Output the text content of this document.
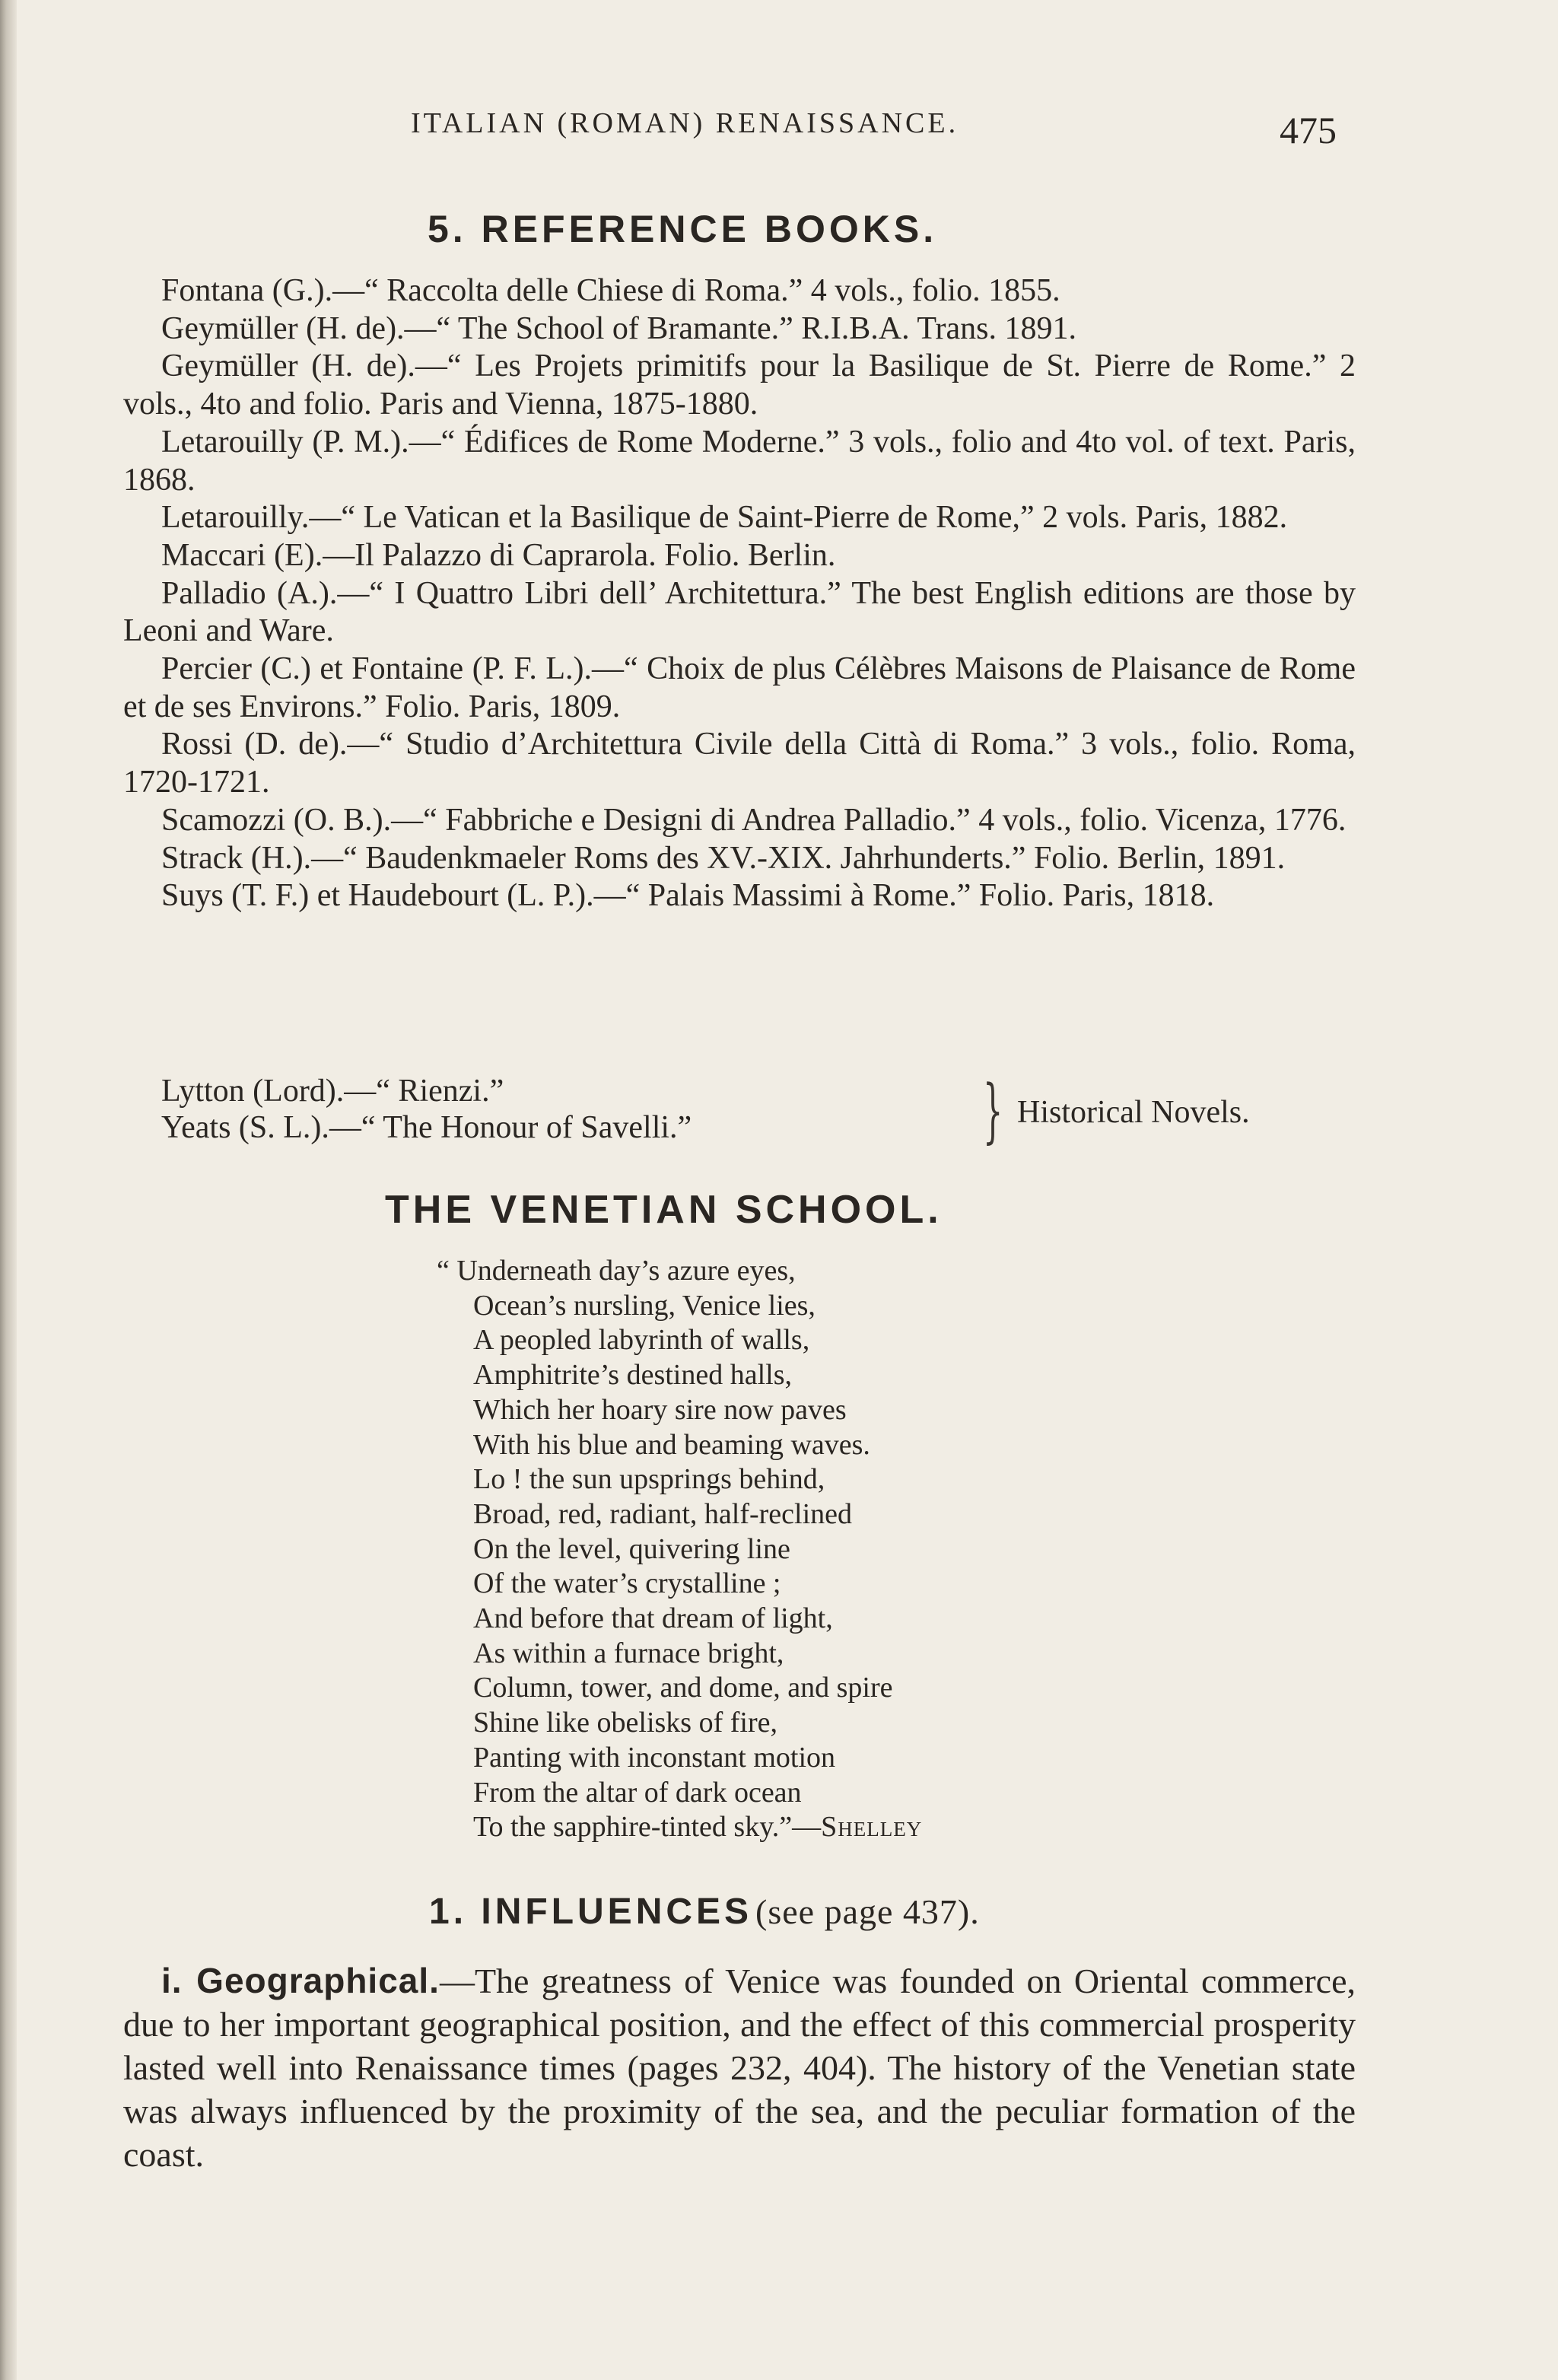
ITALIAN (ROMAN) RENAISSANCE.	475
5. REFERENCE BOOKS.

Fontana (G.).—“ Raccolta delle Chiese di Roma.” 4 vols., folio. 1855.

Geymüller (H. de).—“ The School of Bramante.” R.I.B.A. Trans. 1891.

Geymüller (H. de).—“ Les Projets primitifs pour la Basilique de St. Pierre de Rome.” 2 vols., 4to and folio. Paris and Vienna, 1875-1880.

Letarouilly (P. M.).—“ Édifices de Rome Moderne.” 3 vols., folio and 4to vol. of text. Paris, 1868.

Letarouilly.—“ Le Vatican et la Basilique de Saint-Pierre de Rome,” 2 vols. Paris, 1882.

Maccari (E).—Il Palazzo di Caprarola. Folio. Berlin.

Palladio (A.).—“ I Quattro Libri dell’ Architettura.” The best English editions are those by Leoni and Ware.

Percier (C.) et Fontaine (P. F. L.).—“ Choix de plus Célèbres Maisons de Plaisance de Rome et de ses Environs.” Folio. Paris, 1809.

Rossi (D. de).—“ Studio d’Architettura Civile della Città di Roma.” 3 vols., folio. Roma, 1720-1721.

Scamozzi (O. B.).—“ Fabbriche e Designi di Andrea Palladio.” 4 vols., folio. Vicenza, 1776.

Strack (H.).—“ Baudenkmaeler Roms des XV.-XIX. Jahrhunderts.” Folio. Berlin, 1891.

Suys (T. F.) et Haudebourt (L. P.).—“ Palais Massimi à Rome.” Folio. Paris, 1818.

Lytton (Lord).—“ Rienzi.”
Yeats (S. L.).—“ The Honour of Savelli.”	} Historical Novels.
THE VENETIAN SCHOOL.
“ Underneath day’s azure eyes,
Ocean’s nursling, Venice lies,
A peopled labyrinth of walls,
Amphitrite’s destined halls,
Which her hoary sire now paves
With his blue and beaming waves.
Lo ! the sun upsprings behind,
Broad, red, radiant, half-reclined
On the level, quivering line
Of the water’s crystalline ;
And before that dream of light,
As within a furnace bright,
Column, tower, and dome, and spire
Shine like obelisks of fire,
Panting with inconstant motion
From the altar of dark ocean
To the sapphire-tinted sky.”—Shelley
1. INFLUENCES (see page 437).

i. Geographical.—The greatness of Venice was founded on Oriental commerce, due to her important geographical position, and the effect of this commercial prosperity lasted well into Renaissance times (pages 232, 404). The history of the Venetian state was always influenced by the proximity of the sea, and the peculiar formation of the coast.
